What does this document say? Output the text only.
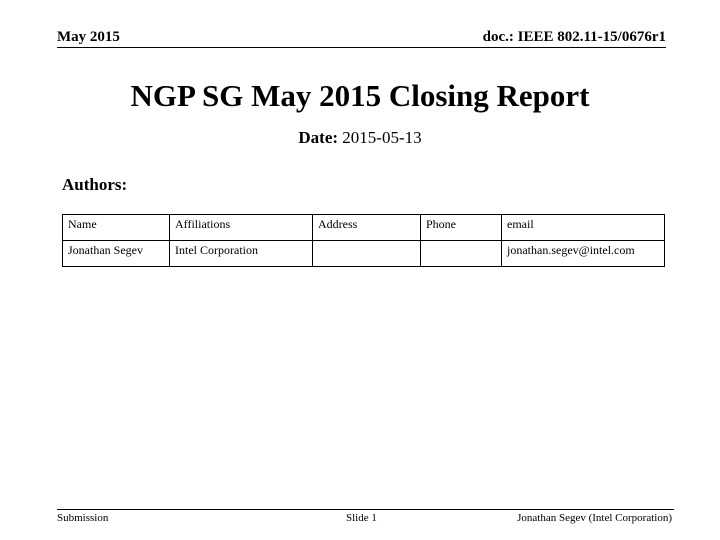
May 2015	doc.: IEEE 802.11-15/0676r1
NGP SG May 2015 Closing Report
Date: 2015-05-13
Authors:
Name	Affiliations	Address	Phone	email
Jonathan Segev	Intel Corporation			jonathan.segev@intel.com
Submission	Slide 1	Jonathan Segev (Intel Corporation)
